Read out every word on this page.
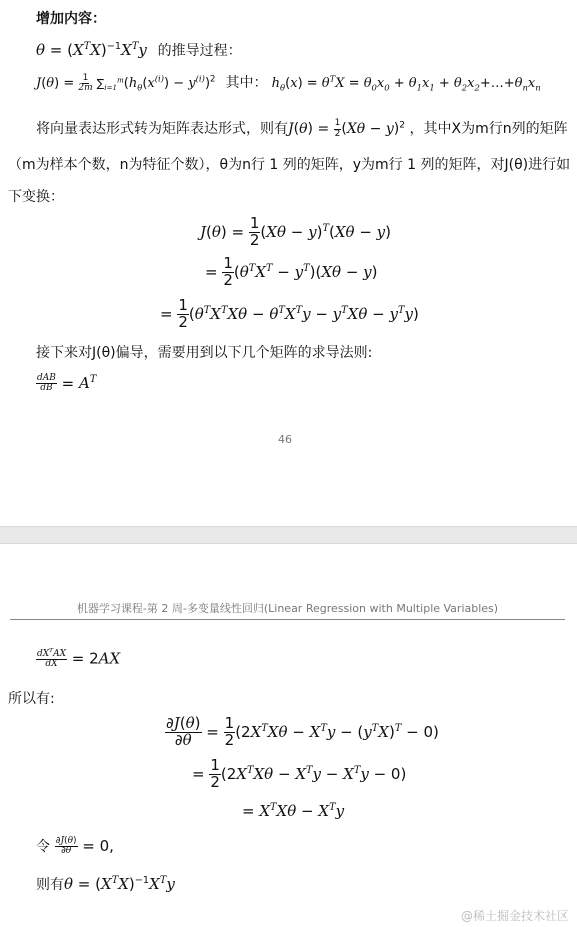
增加内容：
$\theta = (X^TX)^{-1}X^Ty$ 的推导过程：
$J(\theta) = \frac{1}{2m} \sum_{i=1}^m(h_\theta(x^{(i)}) - y^{(i)})^2$ 其中： $h_\theta(x) = \theta^TX = \theta_0x_0 + \theta_1x_1$ + $\theta_2x_2+\dots+\theta_nx_n$
将向量表达形式转为矩阵表达形式，则有$J(\theta) = \frac{1}{2} (X\theta - y)^2$ ，其中X为m行n列的矩阵
（m为样本个数，n为特征个数），θ为n行 1 列的矩阵，y为m行 1 列的矩阵，对J(θ)进行如
下变换：
$J(\theta) = \frac{1}{2} (X\theta - y)^T(X\theta - y)$
= $\frac{1}{2} (\theta^TX^T - y^T)(X\theta - y)$
= $\frac{1}{2} (\theta^TX^TX\theta - \theta^TX^Ty - y^TX\theta - y^Ty)$
接下来对J(θ)偏导，需要用到以下几个矩阵的求导法则:
$\frac{\text{dAB}}{dB} = A^T$
46
机器学习课程-第 2 周-多变量线性回归(Linear Regression with Multiple Variables)
$\frac{dX^TAX}{dX} = 2AX$
所以有:
$\frac{\partial J(\theta)}{\partial\theta} = \frac{1}{2} (2X^TX\theta - X^Ty - (y^TX)^T - 0)$
= $\frac{1}{2} (2X^TX\theta - X^Ty - X^Ty - 0)$
= $X^TX\theta - X^Ty$
令 $\frac{\partial J(\theta)}{\partial\theta} = 0$,
则有$\theta = (X^TX)^{-1}X^Ty$
@稀土掘金技术社区
